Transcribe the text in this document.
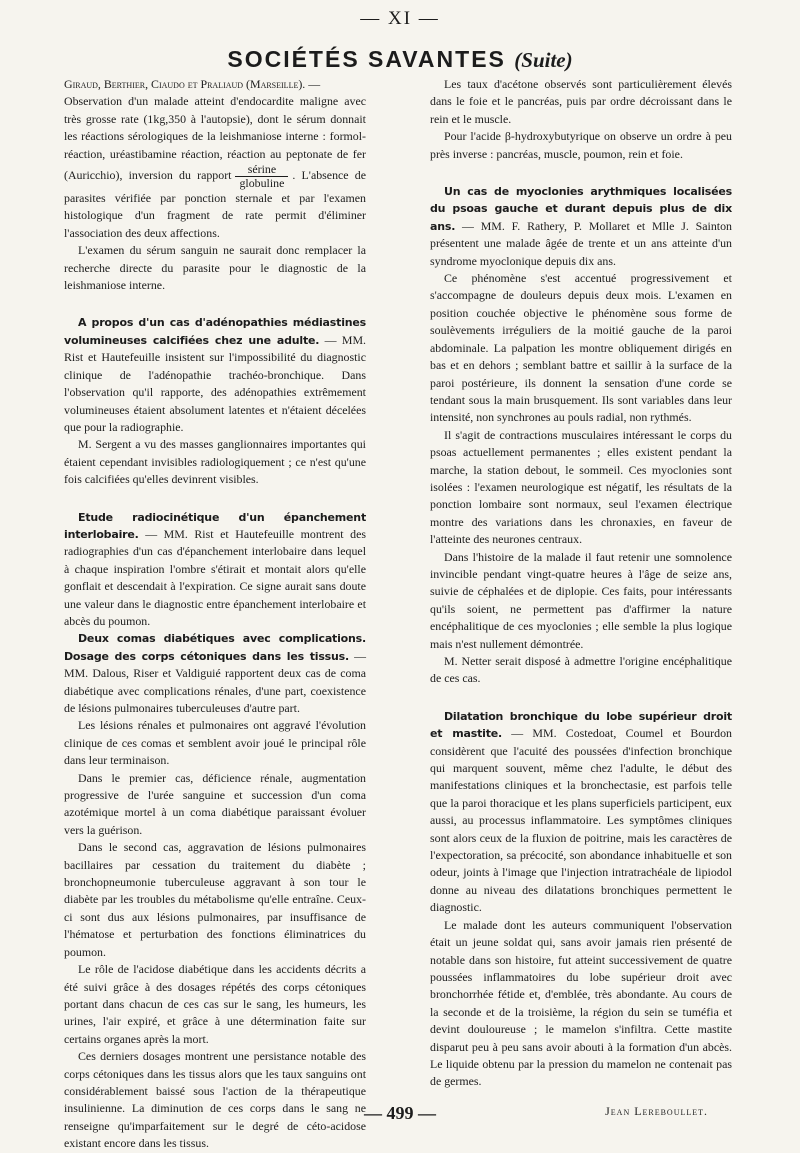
— XI —
SOCIÉTÉS SAVANTES (Suite)

Giraud, Berthier, Ciaudo et Praliaud (Marseille). —

Observation d'un malade atteint d'endocardite maligne avec très grosse rate (1kg,350 à l'autopsie), dont le sérum donnait les réactions sérologiques de la leishmaniose interne : formol-réaction, uréastibamine réaction, réaction au peptonate de fer (Auricchio), inversion du rapport $\frac{\text{sérine}}{\text{globuline}}$ . L'absence de parasites vérifiée par ponction sternale et par l'examen histologique d'un fragment de rate permit d'éliminer l'association des deux affections.

L'examen du sérum sanguin ne saurait donc remplacer la recherche directe du parasite pour le diagnostic de la leishmaniose interne.

A propos d'un cas d'adénopathies médiastines volumineuses calcifiées chez une adulte. — MM. Rist et Hautefeuille insistent sur l'impossibilité du diagnostic clinique de l'adénopathie trachéo-bronchique. Dans l'observation qu'il rapporte, des adénopathies extrêmement volumineuses étaient absolument latentes et n'étaient décelées que pour la radiographie.

M. Sergent a vu des masses ganglionnaires importantes qui étaient cependant invisibles radiologiquement ; ce n'est qu'une fois calcifiées qu'elles devinrent visibles.

Etude radiocinétique d'un épanchement interlobaire. — MM. Rist et Hautefeuille montrent des radiographies d'un cas d'épanchement interlobaire dans lequel à chaque inspiration l'ombre s'étirait et montait alors qu'elle gonflait et descendait à l'expiration. Ce signe aurait sans doute une valeur dans le diagnostic entre épanchement interlobaire et abcès du poumon.

Deux comas diabétiques avec complications. Dosage des corps cétoniques dans les tissus. — MM. Dalous, Riser et Valdiguié rapportent deux cas de coma diabétique avec complications rénales, d'une part, coexistence de lésions pulmonaires tuberculeuses d'autre part.

Les lésions rénales et pulmonaires ont aggravé l'évolution clinique de ces comas et semblent avoir joué le principal rôle dans leur terminaison.

Dans le premier cas, déficience rénale, augmentation progressive de l'urée sanguine et succession d'un coma azotémique mortel à un coma diabétique paraissant évoluer vers la guérison.

Dans le second cas, aggravation de lésions pulmonaires bacillaires par cessation du traitement du diabète ; bronchopneumonie tuberculeuse aggravant à son tour le diabète par les troubles du métabolisme qu'elle entraîne. Ceux-ci sont dus aux lésions pulmonaires, par insuffisance de l'hématose et perturbation des fonctions éliminatrices du poumon.

Le rôle de l'acidose diabétique dans les accidents décrits a été suivi grâce à des dosages répétés des corps cétoniques portant dans chacun de ces cas sur le sang, les humeurs, les urines, l'air expiré, et grâce à une détermination faite sur certains organes après la mort.

Ces derniers dosages montrent une persistance notable des corps cétoniques dans les tissus alors que les taux sanguins ont considérablement baissé sous l'action de la thérapeutique insulinienne. La diminution de ces corps dans le sang ne renseigne qu'imparfaitement sur le degré de céto-acidose existant encore dans les tissus.

Les taux d'acétone observés sont particulièrement élevés dans le foie et le pancréas, puis par ordre décroissant dans le rein et le muscle.

Pour l'acide β-hydroxybutyrique on observe un ordre à peu près inverse : pancréas, muscle, poumon, rein et foie.

Un cas de myoclonies arythmiques localisées du psoas gauche et durant depuis plus de dix ans. — MM. F. Rathery, P. Mollaret et Mlle J. Sainton présentent une malade âgée de trente et un ans atteinte d'un syndrome myoclonique depuis dix ans.

Ce phénomène s'est accentué progressivement et s'accompagne de douleurs depuis deux mois. L'examen en position couchée objective le phénomène sous forme de soulèvements irréguliers de la moitié gauche de la paroi abdominale. La palpation les montre obliquement dirigés en bas et en dehors ; semblant battre et saillir à la surface de la paroi postérieure, ils donnent la sensation d'une corde se tendant sous la main brusquement. Ils sont variables dans leur intensité, non synchrones au pouls radial, non rythmés.

Il s'agit de contractions musculaires intéressant le corps du psoas actuellement permanentes ; elles existent pendant la marche, la station debout, le sommeil. Ces myoclonies sont isolées : l'examen neurologique est négatif, les résultats de la ponction lombaire sont normaux, seul l'examen électrique montre des variations dans les chronaxies, en faveur de l'atteinte des neurones centraux.

Dans l'histoire de la malade il faut retenir une somnolence invincible pendant vingt-quatre heures à l'âge de seize ans, suivie de céphalées et de diplopie. Ces faits, pour intéressants qu'ils soient, ne permettent pas d'affirmer la nature encéphalitique de ces myoclonies ; elle semble la plus logique mais n'est nullement démontrée.

M. Netter serait disposé à admettre l'origine encéphalitique de ces cas.

Dilatation bronchique du lobe supérieur droit et mastite. — MM. Costedoat, Coumel et Bourdon considèrent que l'acuité des poussées d'infection bronchique qui marquent souvent, même chez l'adulte, le début des manifestations cliniques et la bronchectasie, est parfois telle que la paroi thoracique et les plans superficiels participent, eux aussi, au processus inflammatoire. Les symptômes cliniques sont alors ceux de la fluxion de poitrine, mais les caractères de l'expectoration, sa précocité, son abondance inhabituelle et son odeur, joints à l'image que l'injection intratrachéale de lipiodol donne au niveau des dilatations bronchiques permettent le diagnostic.

Le malade dont les auteurs communiquent l'observation était un jeune soldat qui, sans avoir jamais rien présenté de notable dans son histoire, fut atteint successivement de quatre poussées inflammatoires du lobe supérieur droit avec bronchorrhée fétide et, d'emblée, très abondante. Au cours de la seconde et de la troisième, la région du sein se tuméfia et devint douloureuse ; le mamelon s'infiltra. Cette mastite disparut peu à peu sans avoir abouti à la formation d'un abcès. Le liquide obtenu par la pression du mamelon ne contenait pas de germes.

Jean Lereboullet.
— 499 —
